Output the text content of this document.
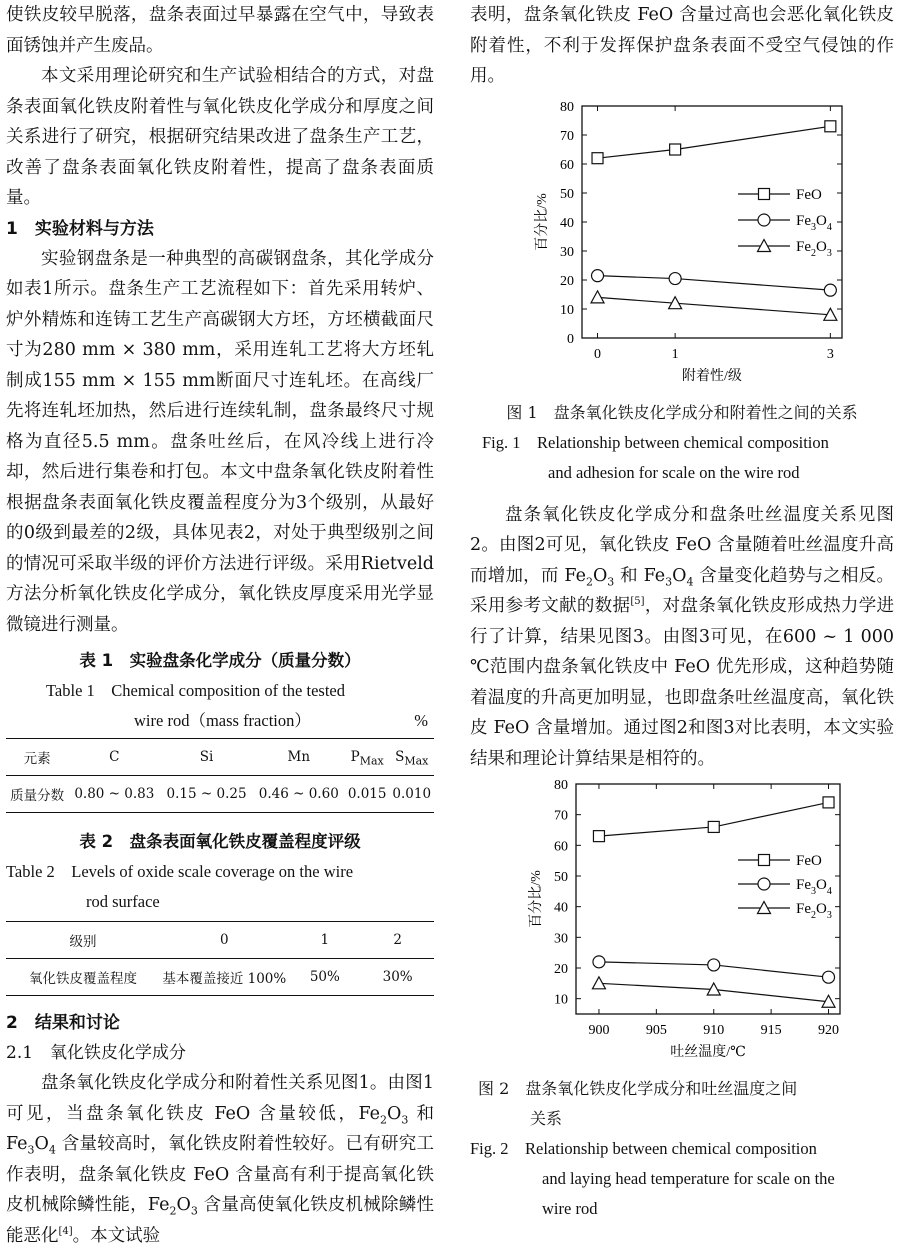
使铁皮较早脱落，盘条表面过早暴露在空气中，导致表面锈蚀并产生废品。

本文采用理论研究和生产试验相结合的方式，对盘条表面氧化铁皮附着性与氧化铁皮化学成分和厚度之间关系进行了研究，根据研究结果改进了盘条生产工艺，改善了盘条表面氧化铁皮附着性，提高了盘条表面质量。

1　实验材料与方法

实验钢盘条是一种典型的高碳钢盘条，其化学成分如表1所示。盘条生产工艺流程如下：首先采用转炉、炉外精炼和连铸工艺生产高碳钢大方坯，方坯横截面尺寸为280 mm × 380 mm，采用连轧工艺将大方坯轧制成155 mm × 155 mm断面尺寸连轧坯。在高线厂先将连轧坯加热，然后进行连续轧制，盘条最终尺寸规格为直径5.5 mm。盘条吐丝后，在风冷线上进行冷却，然后进行集卷和打包。本文中盘条氧化铁皮附着性根据盘条表面氧化铁皮覆盖程度分为3个级别，从最好的0级到最差的2级，具体见表2，对处于典型级别之间的情况可采取半级的评价方法进行评级。采用Rietveld方法分析氧化铁皮化学成分，氧化铁皮厚度采用光学显微镜进行测量。

表 1　实验盘条化学成分（质量分数）

Table 1　Chemical composition of the tested

wire rod（mass fraction）	%

元素	C	Si	Mn	$P_{Max}$	$S_{Max}$
质量分数	0.80 ~ 0.83	0.15 ~ 0.25	0.46 ~ 0.60	0.015	0.010

表 2　盘条表面氧化铁皮覆盖程度评级

Table 2　Levels of oxide scale coverage on the wire

rod surface

级别	0	1	2
氧化铁皮覆盖程度	基本覆盖接近 100%	50%	30%

2　结果和讨论

2.1　氧化铁皮化学成分

盘条氧化铁皮化学成分和附着性关系见图1。由图1可见，当盘条氧化铁皮 FeO 含量较低，$Fe_2O_3$ 和 $Fe_3O_4$ 含量较高时，氧化铁皮附着性较好。已有研究工作表明，盘条氧化铁皮 FeO 含量高有利于提高氧化铁皮机械除鳞性能，$Fe_2O_3$ 含量高使氧化铁皮机械除鳞性能恶化[4]。本文试验

表明，盘条氧化铁皮 FeO 含量过高也会恶化氧化铁皮附着性，不利于发挥保护盘条表面不受空气侵蚀的作用。

0
10
20
30
40
50
60
70
80
0	1	3
附着性/级
百分比/%	FeO
$Fe_3O_4$
$Fe_2O_3$

图 1　盘条氧化铁皮化学成分和附着性之间的关系

Fig. 1　Relationship between chemical composition

and adhesion for scale on the wire rod

盘条氧化铁皮化学成分和盘条吐丝温度关系见图2。由图2可见，氧化铁皮 FeO 含量随着吐丝温度升高而增加，而 $Fe_2O_3$ 和 $Fe_3O_4$ 含量变化趋势与之相反。采用参考文献的数据[5]，对盘条氧化铁皮形成热力学进行了计算，结果见图3。由图3可见，在600 ~ 1 000 ℃范围内盘条氧化铁皮中 FeO 优先形成，这种趋势随着温度的升高更加明显，也即盘条吐丝温度高，氧化铁皮 FeO 含量增加。通过图2和图3对比表明，本文实验结果和理论计算结果是相符的。

10
20
30
40
50
60
70
80
900	905	910	915	920
吐丝温度/℃
百分比/%
FeO
$Fe_3O_4$
$Fe_2O_3$

图 2　盘条氧化铁皮化学成分和吐丝温度之间

关系

Fig. 2　Relationship between chemical composition

and laying head temperature for scale on the

wire rod
